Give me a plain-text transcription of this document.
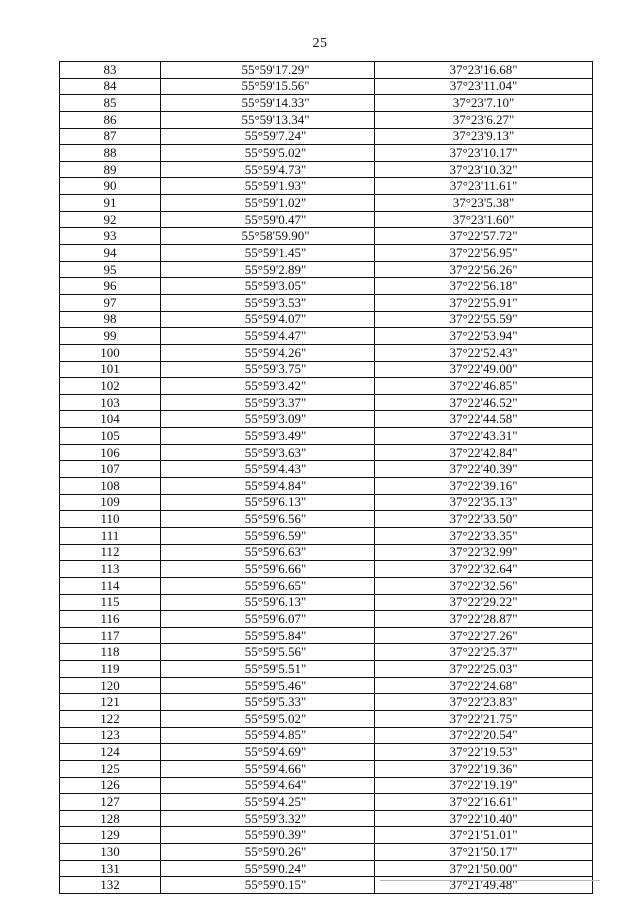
25
83	55°59'17.29"	37°23'16.68"
84	55°59'15.56"	37°23'11.04"
85	55°59'14.33"	37°23'7.10"
86	55°59'13.34"	37°23'6.27"
87	55°59'7.24"	37°23'9.13"
88	55°59'5.02"	37°23'10.17"
89	55°59'4.73"	37°23'10.32"
90	55°59'1.93"	37°23'11.61"
91	55°59'1.02"	37°23'5.38"
92	55°59'0.47"	37°23'1.60"
93	55°58'59.90"	37°22'57.72"
94	55°59'1.45"	37°22'56.95"
95	55°59'2.89"	37°22'56.26"
96	55°59'3.05"	37°22'56.18"
97	55°59'3.53"	37°22'55.91"
98	55°59'4.07"	37°22'55.59"
99	55°59'4.47"	37°22'53.94"
100	55°59'4.26"	37°22'52.43"
101	55°59'3.75"	37°22'49.00"
102	55°59'3.42"	37°22'46.85"
103	55°59'3.37"	37°22'46.52"
104	55°59'3.09"	37°22'44.58"
105	55°59'3.49"	37°22'43.31"
106	55°59'3.63"	37°22'42.84"
107	55°59'4.43"	37°22'40.39"
108	55°59'4.84"	37°22'39.16"
109	55°59'6.13"	37°22'35.13"
110	55°59'6.56"	37°22'33.50"
111	55°59'6.59"	37°22'33.35"
112	55°59'6.63"	37°22'32.99"
113	55°59'6.66"	37°22'32.64"
114	55°59'6.65"	37°22'32.56"
115	55°59'6.13"	37°22'29.22"
116	55°59'6.07"	37°22'28.87"
117	55°59'5.84"	37°22'27.26"
118	55°59'5.56"	37°22'25.37"
119	55°59'5.51"	37°22'25.03"
120	55°59'5.46"	37°22'24.68"
121	55°59'5.33"	37°22'23.83"
122	55°59'5.02"	37°22'21.75"
123	55°59'4.85"	37°22'20.54"
124	55°59'4.69"	37°22'19.53"
125	55°59'4.66"	37°22'19.36"
126	55°59'4.64"	37°22'19.19"
127	55°59'4.25"	37°22'16.61"
128	55°59'3.32"	37°22'10.40"
129	55°59'0.39"	37°21'51.01"
130	55°59'0.26"	37°21'50.17"
131	55°59'0.24"	37°21'50.00"
132	55°59'0.15"	37°21'49.48"
